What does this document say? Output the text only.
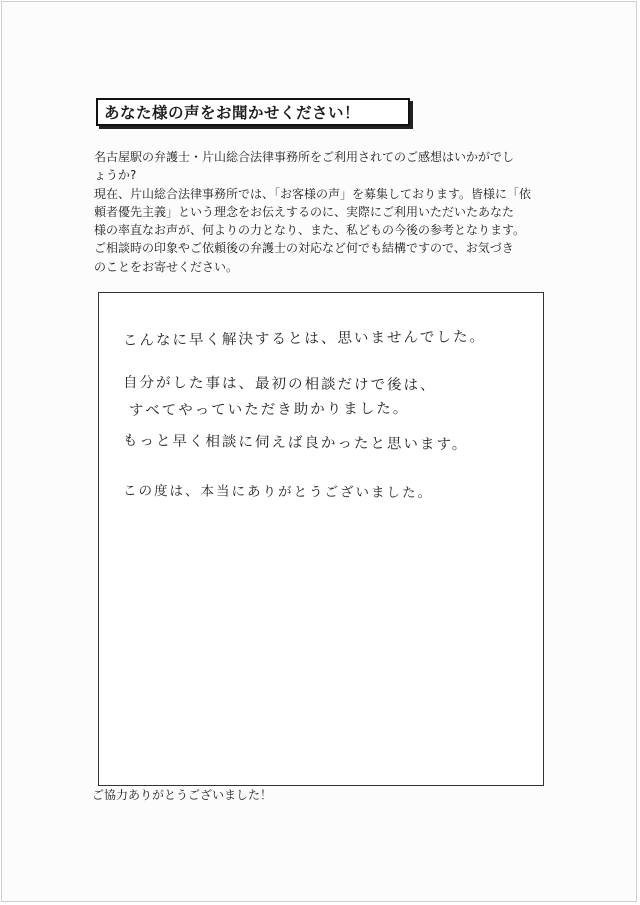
あなた様の声をお聞かせください！

名古屋駅の弁護士・片山総合法律事務所をご利用されてのご感想はいかがでし

ょうか?

現在、片山総合法律事務所では、「お客様の声」を募集しております。皆様に「依

頼者優先主義」という理念をお伝えするのに、実際にご利用いただいたあなた

様の率直なお声が、何よりの力となり、また、私どもの今後の参考となります。

ご相談時の印象やご依頼後の弁護士の対応など何でも結構ですので、お気づき

のことをお寄せください。

こんなに早く解決するとは、思いませんでした。
自分がした事は、最初の相談だけで後は、
すべてやっていただき助かりました。
もっと早く相談に伺えば良かったと思います。
この度は、本当にありがとうございました。
ご協力ありがとうございました！
